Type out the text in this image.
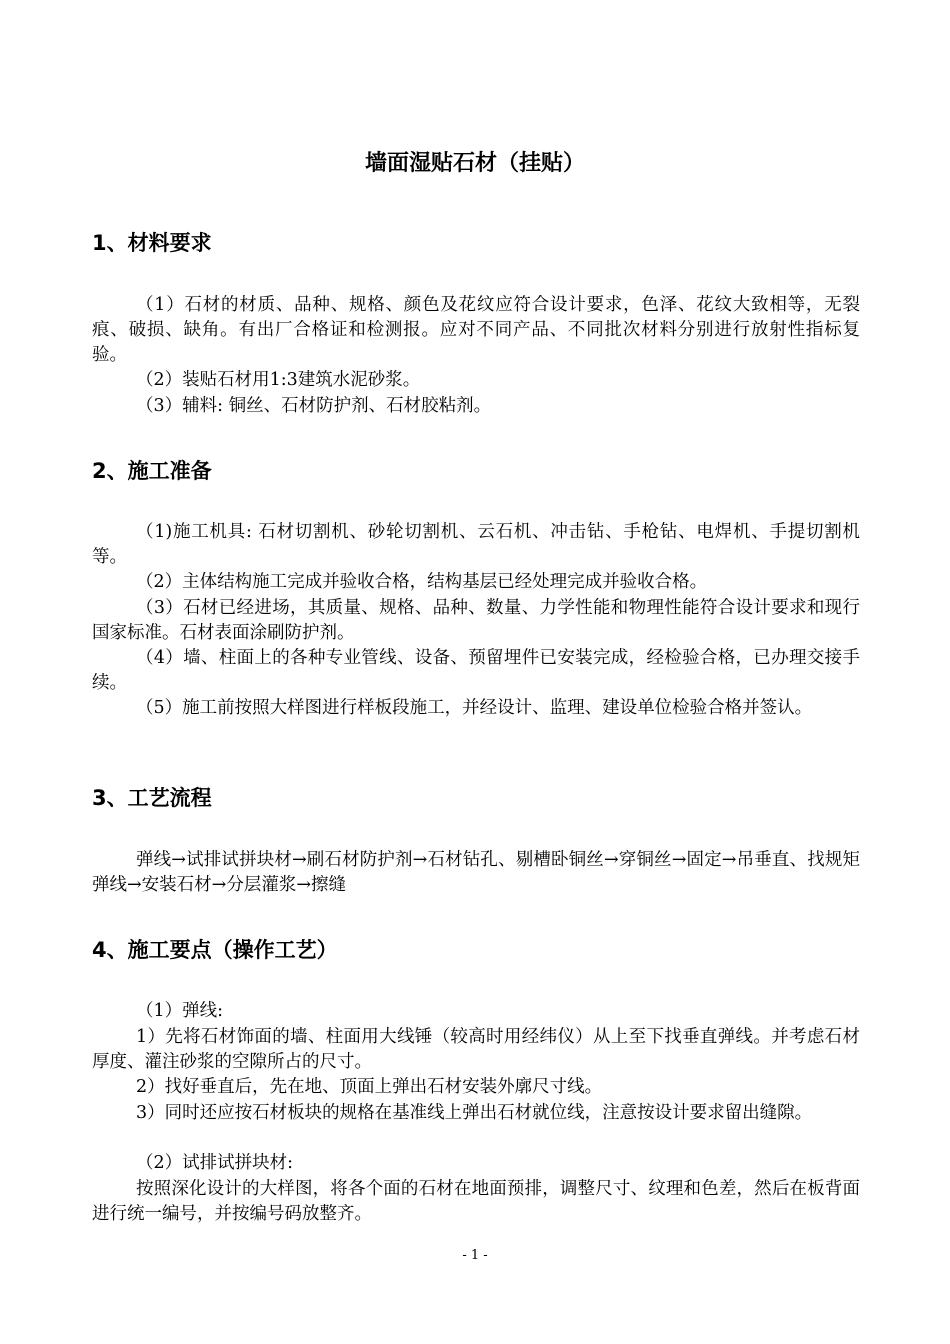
墙面湿贴石材（挂贴）
1、材料要求

（1）石材的材质、品种、规格、颜色及花纹应符合设计要求，色泽、花纹大致相等，无裂痕、破损、缺角。有出厂合格证和检测报。应对不同产品、不同批次材料分别进行放射性指标复验。

（2）装贴石材用1:3建筑水泥砂浆。

（3）辅料: 铜丝、石材防护剂、石材胶粘剂。

2、施工准备

（1)施工机具: 石材切割机、砂轮切割机、云石机、冲击钻、手枪钻、电焊机、手提切割机等。

（2）主体结构施工完成并验收合格，结构基层已经处理完成并验收合格。

（3）石材已经进场，其质量、规格、品种、数量、力学性能和物理性能符合设计要求和现行国家标准。石材表面涂刷防护剂。

（4）墙、柱面上的各种专业管线、设备、预留埋件已安装完成，经检验合格，已办理交接手续。

（5）施工前按照大样图进行样板段施工，并经设计、监理、建设单位检验合格并签认。

3、工艺流程

弹线→试排试拼块材→刷石材防护剂→石材钻孔、剔槽卧铜丝→穿铜丝→固定→吊垂直、找规矩弹线→安装石材→分层灌浆→擦缝

4、施工要点（操作工艺）

（1）弹线:

1）先将石材饰面的墙、柱面用大线锤（较高时用经纬仪）从上至下找垂直弹线。并考虑石材厚度、灌注砂浆的空隙所占的尺寸。

2）找好垂直后，先在地、顶面上弹出石材安装外廓尺寸线。

3）同时还应按石材板块的规格在基准线上弹出石材就位线，注意按设计要求留出缝隙。

（2）试排试拼块材:

按照深化设计的大样图，将各个面的石材在地面预排，调整尺寸、纹理和色差，然后在板背面进行统一编号，并按编号码放整齐。

- 1 -
